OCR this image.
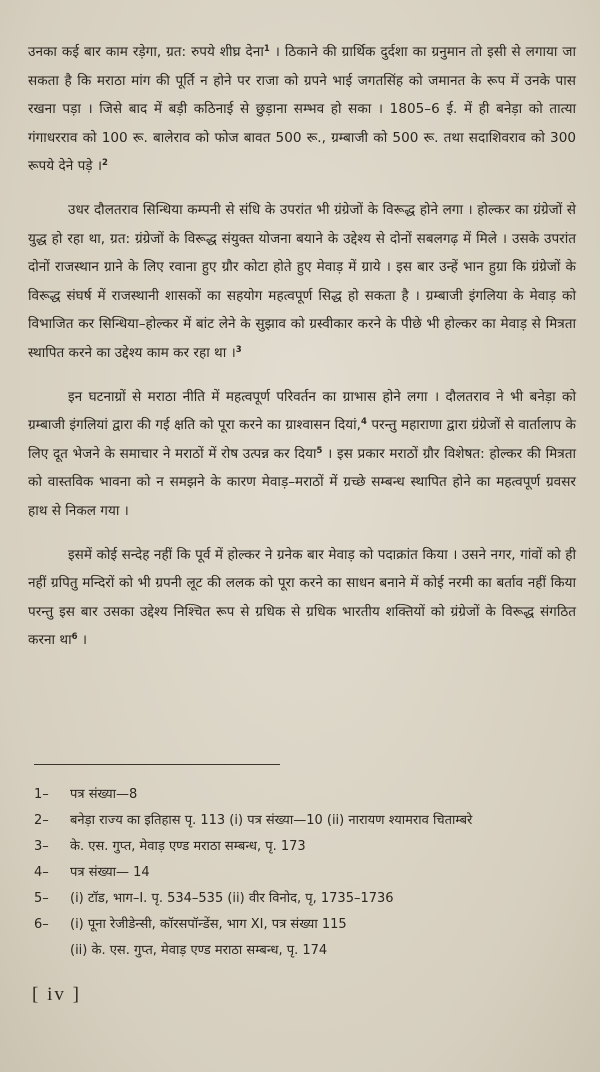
उनका कई बार काम रड़ेगा, ग्रत: रुपये शीघ्र देना$^1$ । ठिकाने की ग्रार्थिक दुर्दशा का ग्रनुमान तो इसी से लगाया जा सकता है कि मराठा मांग की पूर्ति न होने पर राजा को ग्रपने भाई जगतसिंह को जमानत के रूप में उनके पास रखना पड़ा । जिसे बाद में बड़ी कठिनाई से छुड़ाना सम्भव हो सका । 1805–6 ई. में ही बनेड़ा को तात्या गंगाधरराव को 100 रू. बालेराव को फोज बावत 500 रू., ग्रम्बाजी को 500 रू. तथा सदाशिवराव को 300 रूपये देने पड़े ।$^2$

उधर दौलतराव सिन्धिया कम्पनी से संधि के उपरांत भी ग्रंग्रेजों के विरूद्ध होने लगा । होल्कर का ग्रंग्रेजों से युद्ध हो रहा था, ग्रत: ग्रंग्रेजों के विरूद्ध संयुक्त योजना बयाने के उद्देश्य से दोनों सबलगढ़ में मिले । उसके उपरांत दोनों राजस्थान ग्राने के लिए रवाना हुए ग्रौर कोटा होते हुए मेवाड़ में ग्राये । इस बार उन्हें भान हुग्रा कि ग्रंग्रेजों के विरूद्ध संघर्ष में राजस्थानी शासकों का सहयोग महत्वपूर्ण सिद्ध हो सकता है । ग्रम्बाजी इंगलिया के मेवाड़ को विभाजित कर सिन्धिया–होल्कर में बांट लेने के सुझाव को ग्रस्वीकार करने के पीछे भी होल्कर का मेवाड़ से मित्रता स्थापित करने का उद्देश्य काम कर रहा था ।$^3$

इन घटनाग्रों से मराठा नीति में महत्वपूर्ण परिवर्तन का ग्राभास होने लगा । दौलतराव ने भी बनेड़ा को ग्रम्बाजी इंगलियां द्वारा की गई क्षति को पूरा करने का ग्राश्वासन दियां,$^4$ परन्तु महाराणा द्वारा ग्रंग्रेजों से वार्तालाप के लिए दूत भेजने के समाचार ने मराठों में रोष उत्पन्न कर दिया$^5$ । इस प्रकार मराठों ग्रौर विशेषत: होल्कर की मित्रता को वास्तविक भावना को न समझने के कारण मेवाड़–मराठों में ग्रच्छे सम्बन्ध स्थापित होने का महत्वपूर्ण ग्रवसर हाथ से निकल गया ।

इसमें कोई सन्देह नहीं कि पूर्व में होल्कर ने ग्रनेक बार मेवाड़ को पदाक्रांत किया । उसने नगर, गांवों को ही नहीं ग्रपितु मन्दिरों को भी ग्रपनी लूट की ललक को पूरा करने का साधन बनाने में कोई नरमी का बर्ताव नहीं किया परन्तु इस बार उसका उद्देश्य निश्चित रूप से ग्रधिक से ग्रधिक भारतीय शक्तियों को ग्रंग्रेजों के विरूद्ध संगठित करना था$^6$ ।

1–	पत्र संख्या—8
2–	बनेड़ा राज्य का इतिहास पृ. 113 (i) पत्र संख्या—10 (ii) नारायण श्यामराव चिताम्बरे
3–	के. एस. गुप्त, मेवाड़ एण्ड मराठा सम्बन्ध, पृ. 173
4–	पत्र संख्या— 14
5–	(i) टॉड, भाग–I. पृ. 534–535 (ii) वीर विनोद, पृ, 1735–1736
6–	(i) पूना रेजीडेन्सी, कॉरसपॉन्डेंस, भाग XI, पत्र संख्या 115
(ii) के. एस. गुप्त, मेवाड़ एण्ड मराठा सम्बन्ध, पृ. 174
[ iv ]
